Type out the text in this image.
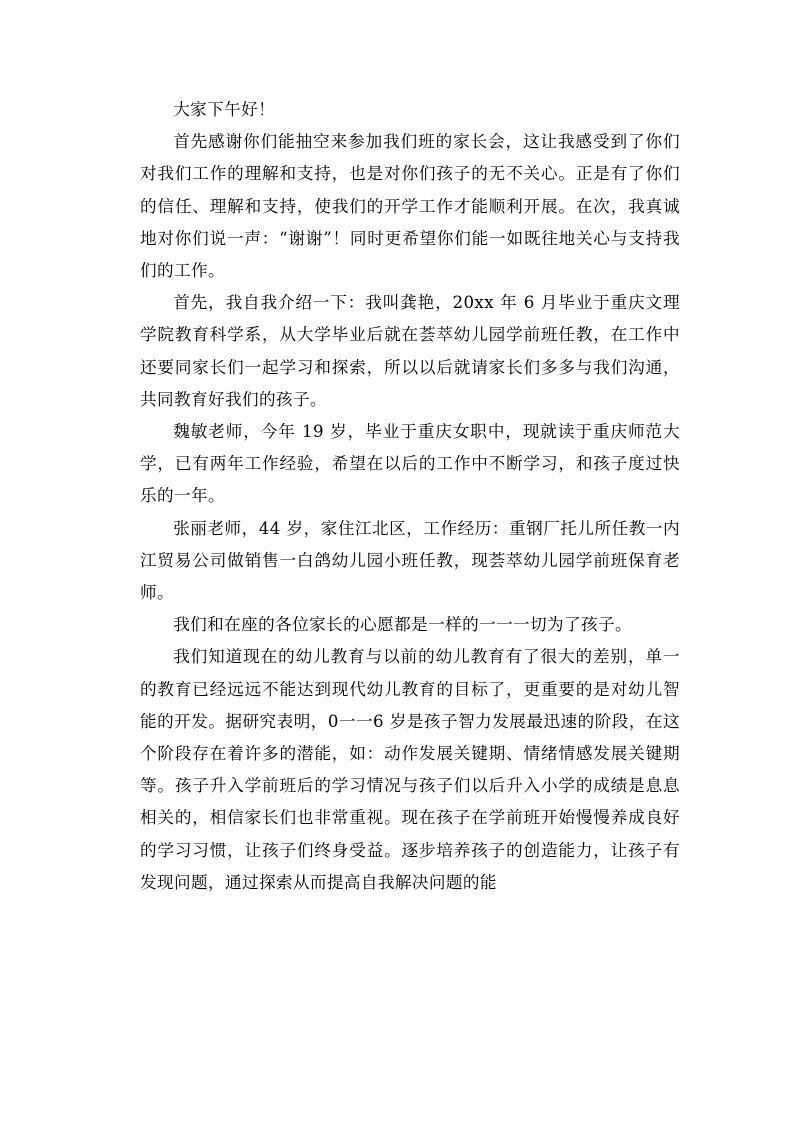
大家下午好！

首先感谢你们能抽空来参加我们班的家长会，这让我感受到了你们对我们工作的理解和支持，也是对你们孩子的无不关心。正是有了你们的信任、理解和支持，使我们的开学工作才能顺利开展。在次，我真诚地对你们说一声：“谢谢”！同时更希望你们能一如既往地关心与支持我们的工作。

首先，我自我介绍一下：我叫龚艳，20xx 年 6 月毕业于重庆文理学院教育科学系，从大学毕业后就在荟萃幼儿园学前班任教，在工作中还要同家长们一起学习和探索，所以以后就请家长们多多与我们沟通，共同教育好我们的孩子。

魏敏老师，今年 19 岁，毕业于重庆女职中，现就读于重庆师范大学，已有两年工作经验，希望在以后的工作中不断学习，和孩子度过快乐的一年。

张丽老师，44 岁，家住江北区，工作经历：重钢厂托儿所任教一内江贸易公司做销售一白鸽幼儿园小班任教，现荟萃幼儿园学前班保育老师。

我们和在座的各位家长的心愿都是一样的一一一切为了孩子。

我们知道现在的幼儿教育与以前的幼儿教育有了很大的差别，单一的教育已经远远不能达到现代幼儿教育的目标了，更重要的是对幼儿智能的开发。据研究表明，0一一6 岁是孩子智力发展最迅速的阶段，在这个阶段存在着许多的潜能，如：动作发展关键期、情绪情感发展关键期等。孩子升入学前班后的学习情况与孩子们以后升入小学的成绩是息息相关的，相信家长们也非常重视。现在孩子在学前班开始慢慢养成良好的学习习惯，让孩子们终身受益。逐步培养孩子的创造能力，让孩子有发现问题，通过探索从而提高自我解决问题的能
